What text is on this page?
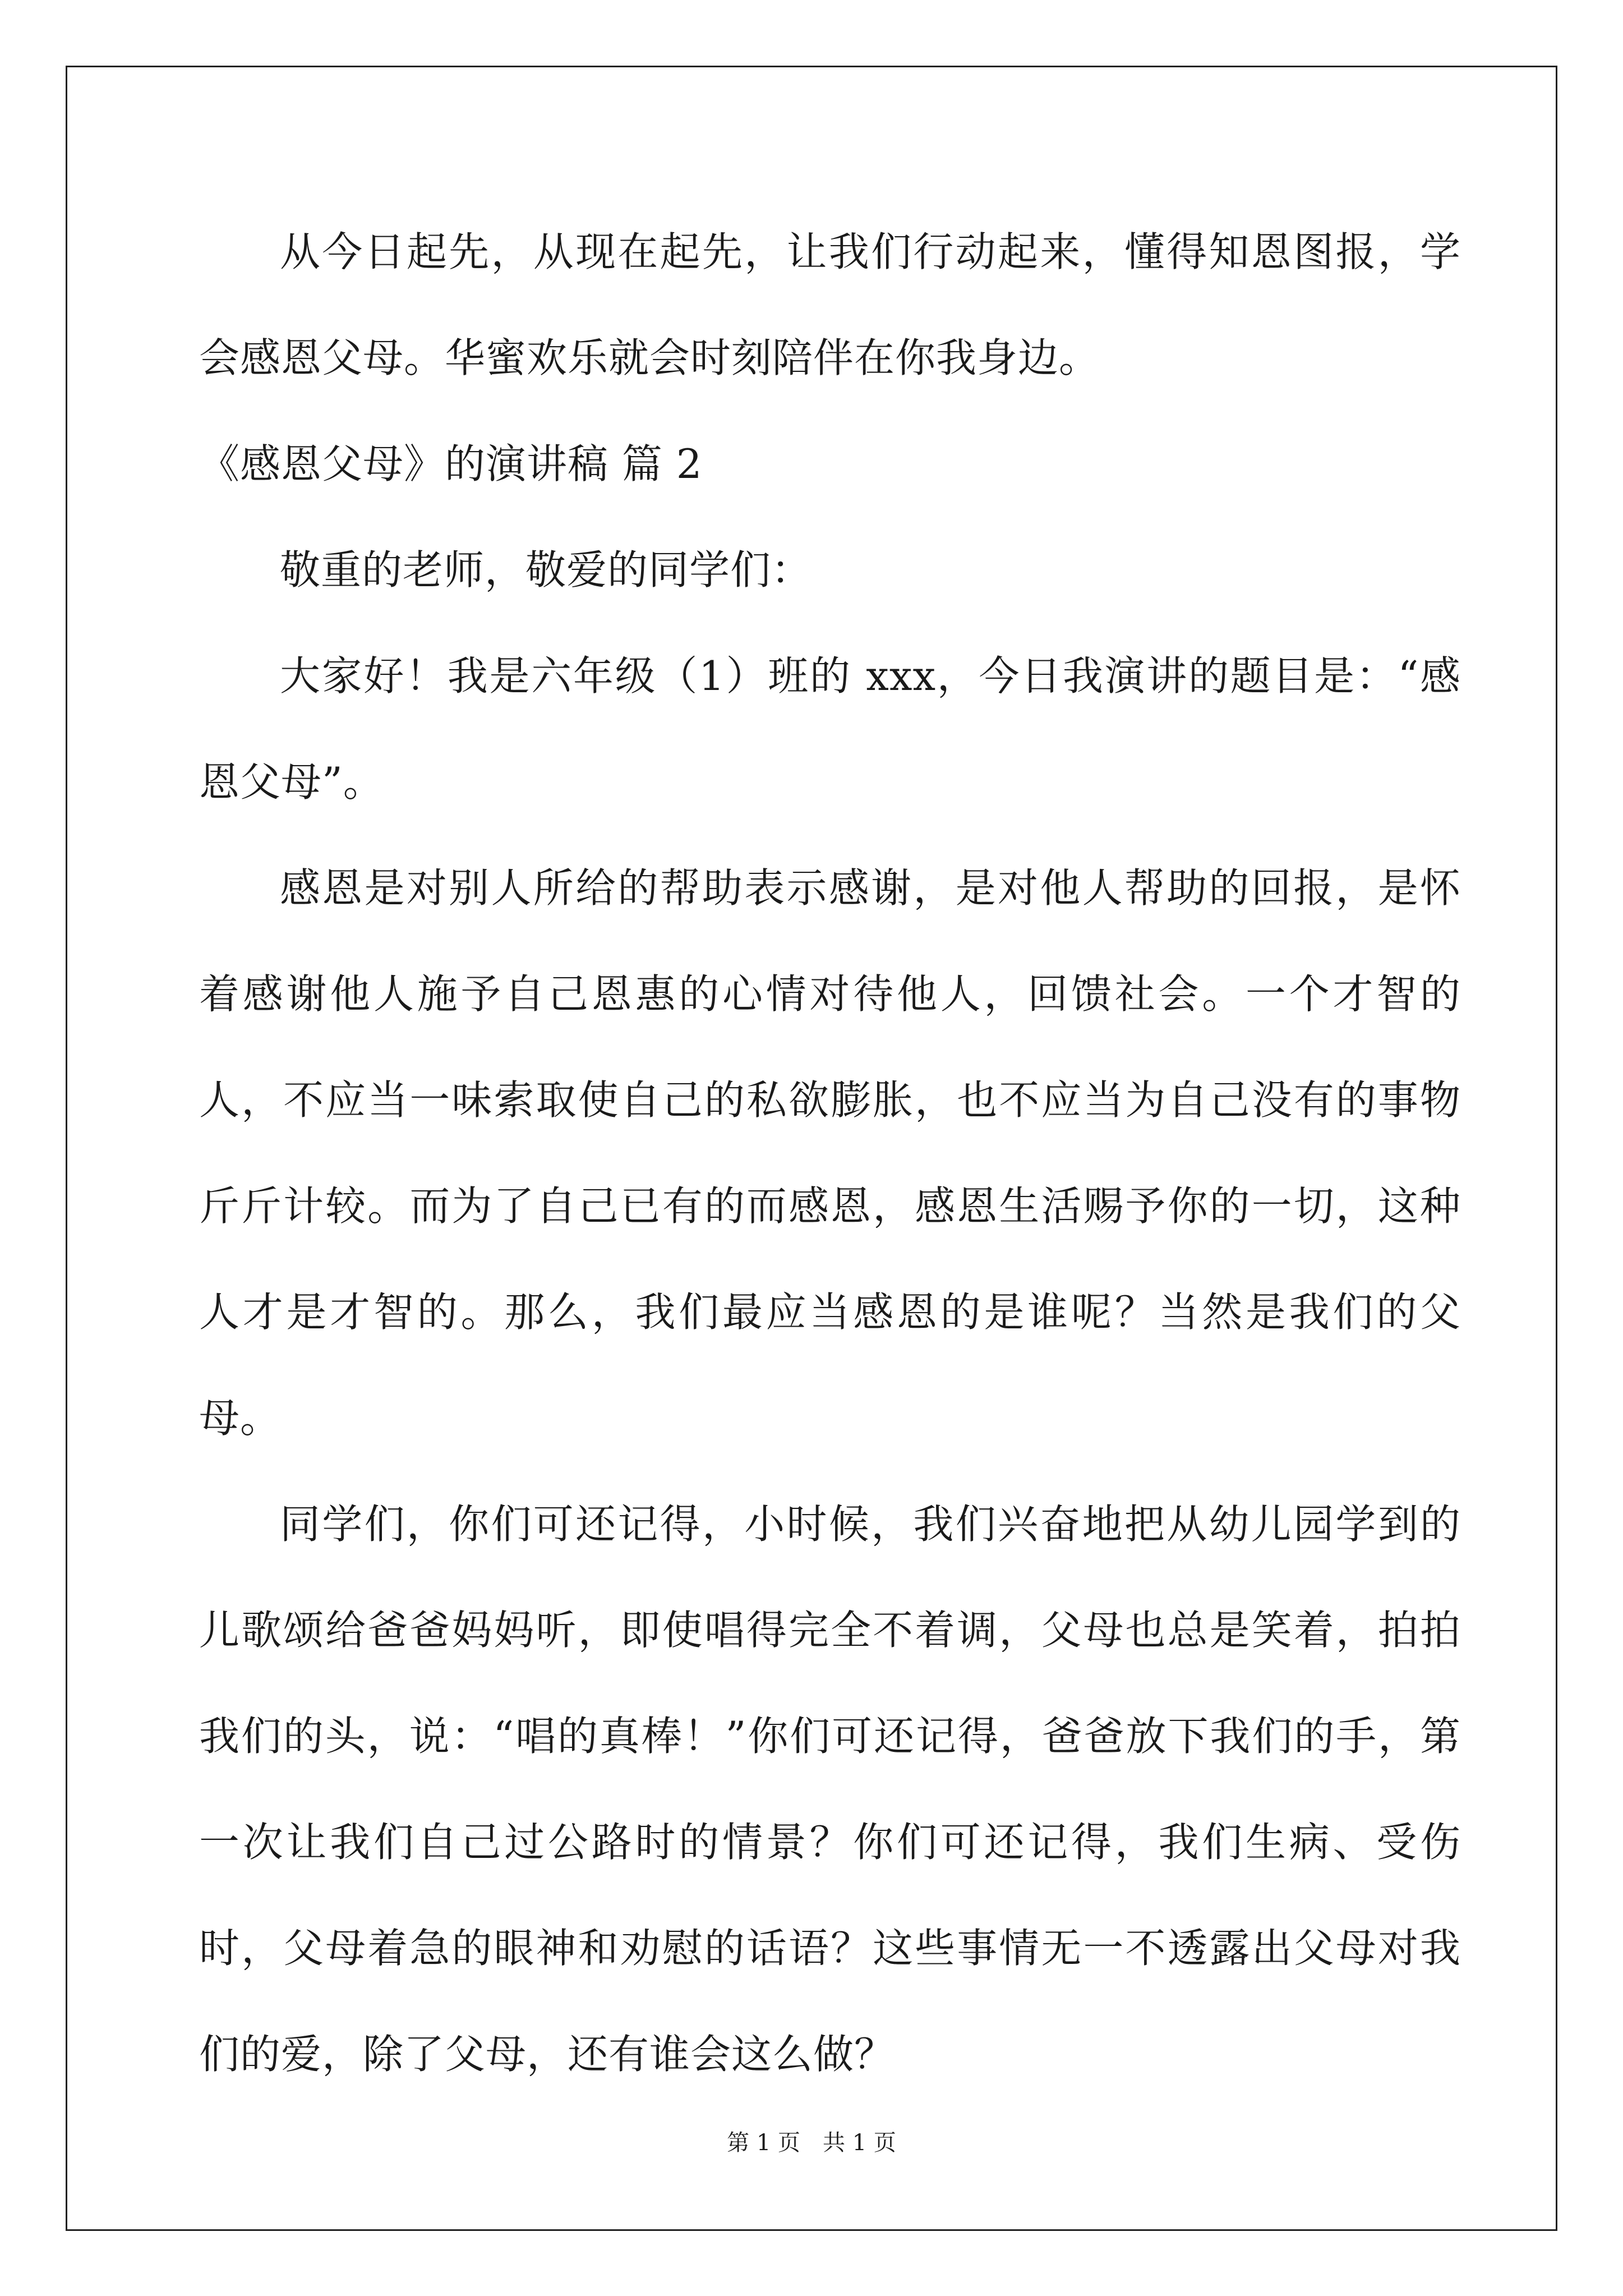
从今日起先，从现在起先，让我们行动起来，懂得知恩图报，学会感恩父母。华蜜欢乐就会时刻陪伴在你我身边。

《感恩父母》的演讲稿 篇 2

敬重的老师，敬爱的同学们：

大家好！我是六年级（1）班的 xxx，今日我演讲的题目是：“感恩父母”。

感恩是对别人所给的帮助表示感谢，是对他人帮助的回报，是怀着感谢他人施予自己恩惠的心情对待他人，回馈社会。一个才智的人，不应当一味索取使自己的私欲膨胀，也不应当为自己没有的事物斤斤计较。而为了自己已有的而感恩，感恩生活赐予你的一切，这种人才是才智的。那么，我们最应当感恩的是谁呢？当然是我们的父母。

同学们，你们可还记得，小时候，我们兴奋地把从幼儿园学到的儿歌颂给爸爸妈妈听，即使唱得完全不着调，父母也总是笑着，拍拍我们的头，说：“唱的真棒！”你们可还记得，爸爸放下我们的手，第一次让我们自己过公路时的情景？你们可还记得，我们生病、受伤时，父母着急的眼神和劝慰的话语？这些事情无一不透露出父母对我们的爱，除了父母，还有谁会这么做？

第 1 页　共 1 页
